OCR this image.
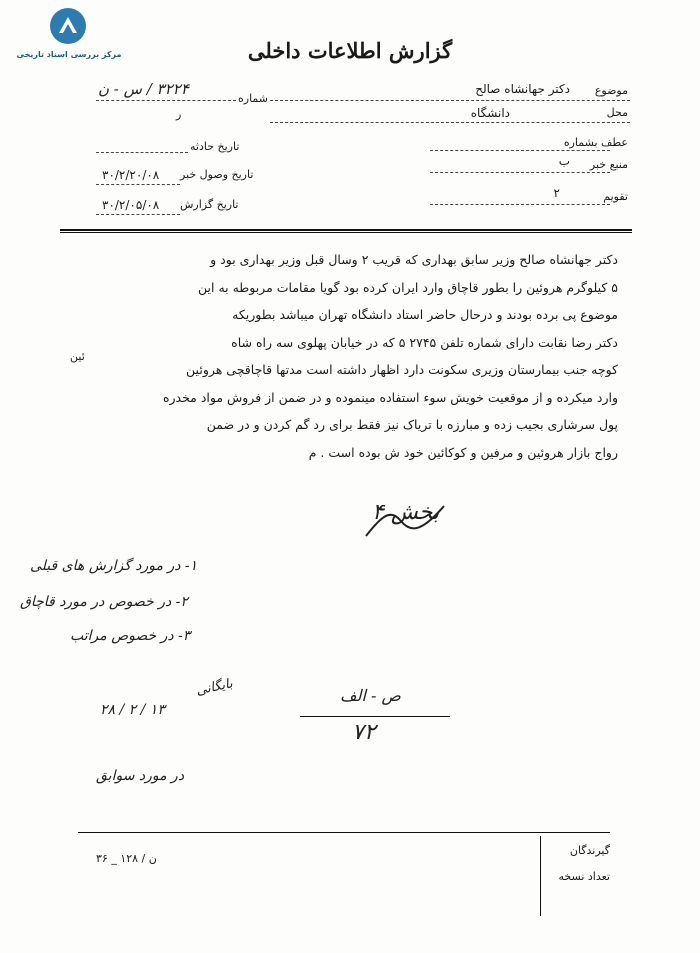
مرکز بررسی اسناد تاریخی	گزارش اطلاعات داخلی
موضوع
دکتر جهانشاه صالح
محل
دانشگاه
عطف بشماره
منبع خبر
ب
تقویم
۲
شماره
۳۲۲۴ / س - ن
ر
تاریخ حادثه
تاریخ وصول خبر
۳۰/۲/۲۰/۰۸
تاریخ گزارش
۳۰/۲/۰۵/۰۸
دکتر جهانشاه صالح وزیر سابق بهداری که قریب ۲ وسال قبل وزیر بهداری بود و
۵ کیلوگرم هروئین را بطور قاچاق وارد ایران کرده بود گویا مقامات مربوطه به این
موضوع پی برده بودند و درحال حاضر استاد دانشگاه تهران میباشد بطوریکه
دکتر رضا نقابت دارای شماره تلفن ۲۷۴۵ ۵ که در خیابان پهلوی سه راه شاه
کوچه جنب بیمارستان وزیری سکونت دارد اظهار داشته است مدتها قاچاقچی هروئین
وارد میکرده و از موقعیت خویش سوء استفاده مینموده و در ضمن از فروش مواد مخدره
پول سرشاری بجیب زده و مبارزه با تریاک نیز فقط برای رد گم کردن و در ضمن
رواج بازار هروئین و مرفین و کوکائین خود ش بوده است . م
ئین
بخش ۴
۱- در مورد گزارش های قبلی
۲- در خصوص در مورد قاچاق
۳- در خصوص مراتب
۲۸ / ۲ / ۱۳
بایگانی	ص - الف
۷۲
در مورد سوابق
۳۶ _ ۱۲۸ / ن
گیرندگان
تعداد نسخه
